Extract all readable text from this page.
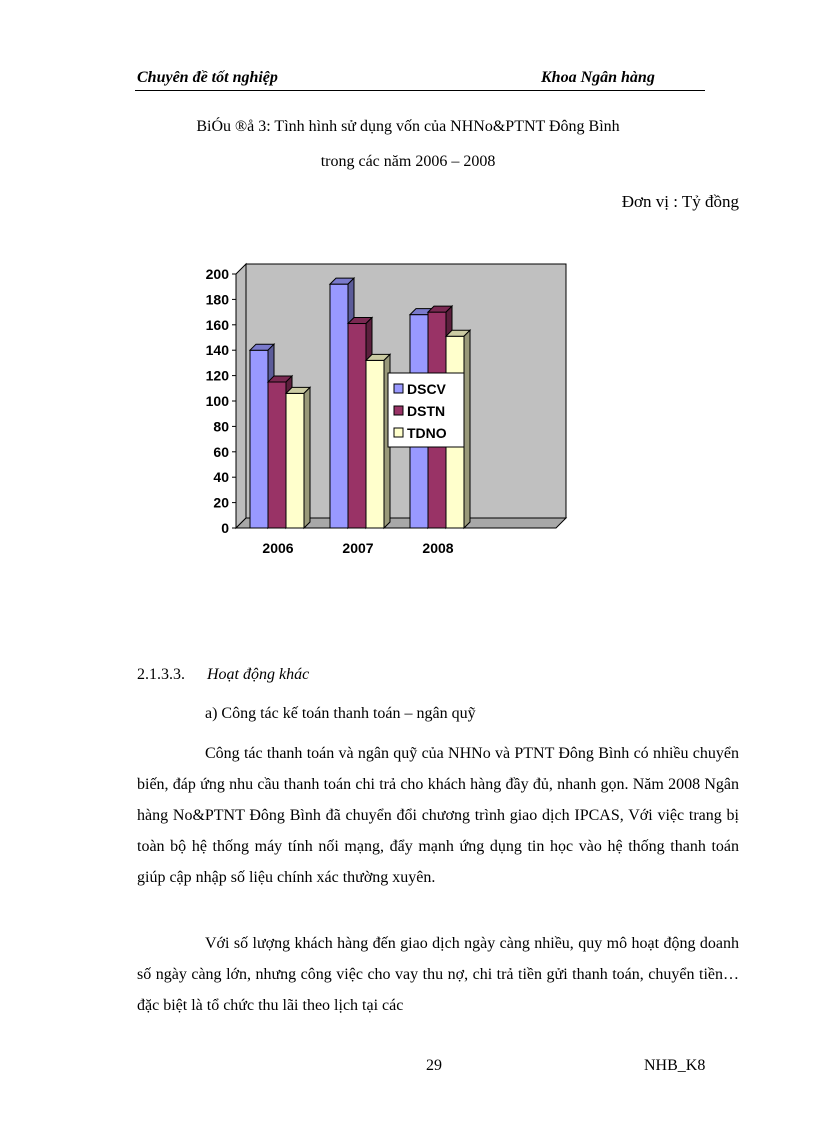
Chuyên đề tốt nghiệp	Khoa Ngân hàng
BiÓu ®å 3: Tình hình sử dụng vốn của NHNo&PTNT Đông Bình
trong các năm 2006 – 2008
Đơn vị : Tỷ đồng
2006	2007	2008
0
20
40
60
80
100
120
140
160
180
200
DSCV
DSTN
TDNO
2.1.3.3. Hoạt động khác
a) Công tác kế toán thanh toán – ngân quỹ
Công tác thanh toán và ngân quỹ của NHNo và PTNT Đông Bình có nhiều chuyển biến, đáp ứng nhu cầu thanh toán chi trả cho khách hàng đầy đủ, nhanh gọn. Năm 2008 Ngân hàng No&PTNT Đông Bình đã chuyển đổi chương trình giao dịch IPCAS, Với việc trang bị toàn bộ hệ thống máy tính nối mạng, đẩy mạnh ứng dụng tin học vào hệ thống thanh toán giúp cập nhập số liệu chính xác thường xuyên.
Với số lượng khách hàng đến giao dịch ngày càng nhiều, quy mô hoạt động doanh số ngày càng lớn, nhưng công việc cho vay thu nợ, chi trả tiền gửi thanh toán, chuyển tiền… đặc biệt là tổ chức thu lãi theo lịch tại các
29	NHB_K8
